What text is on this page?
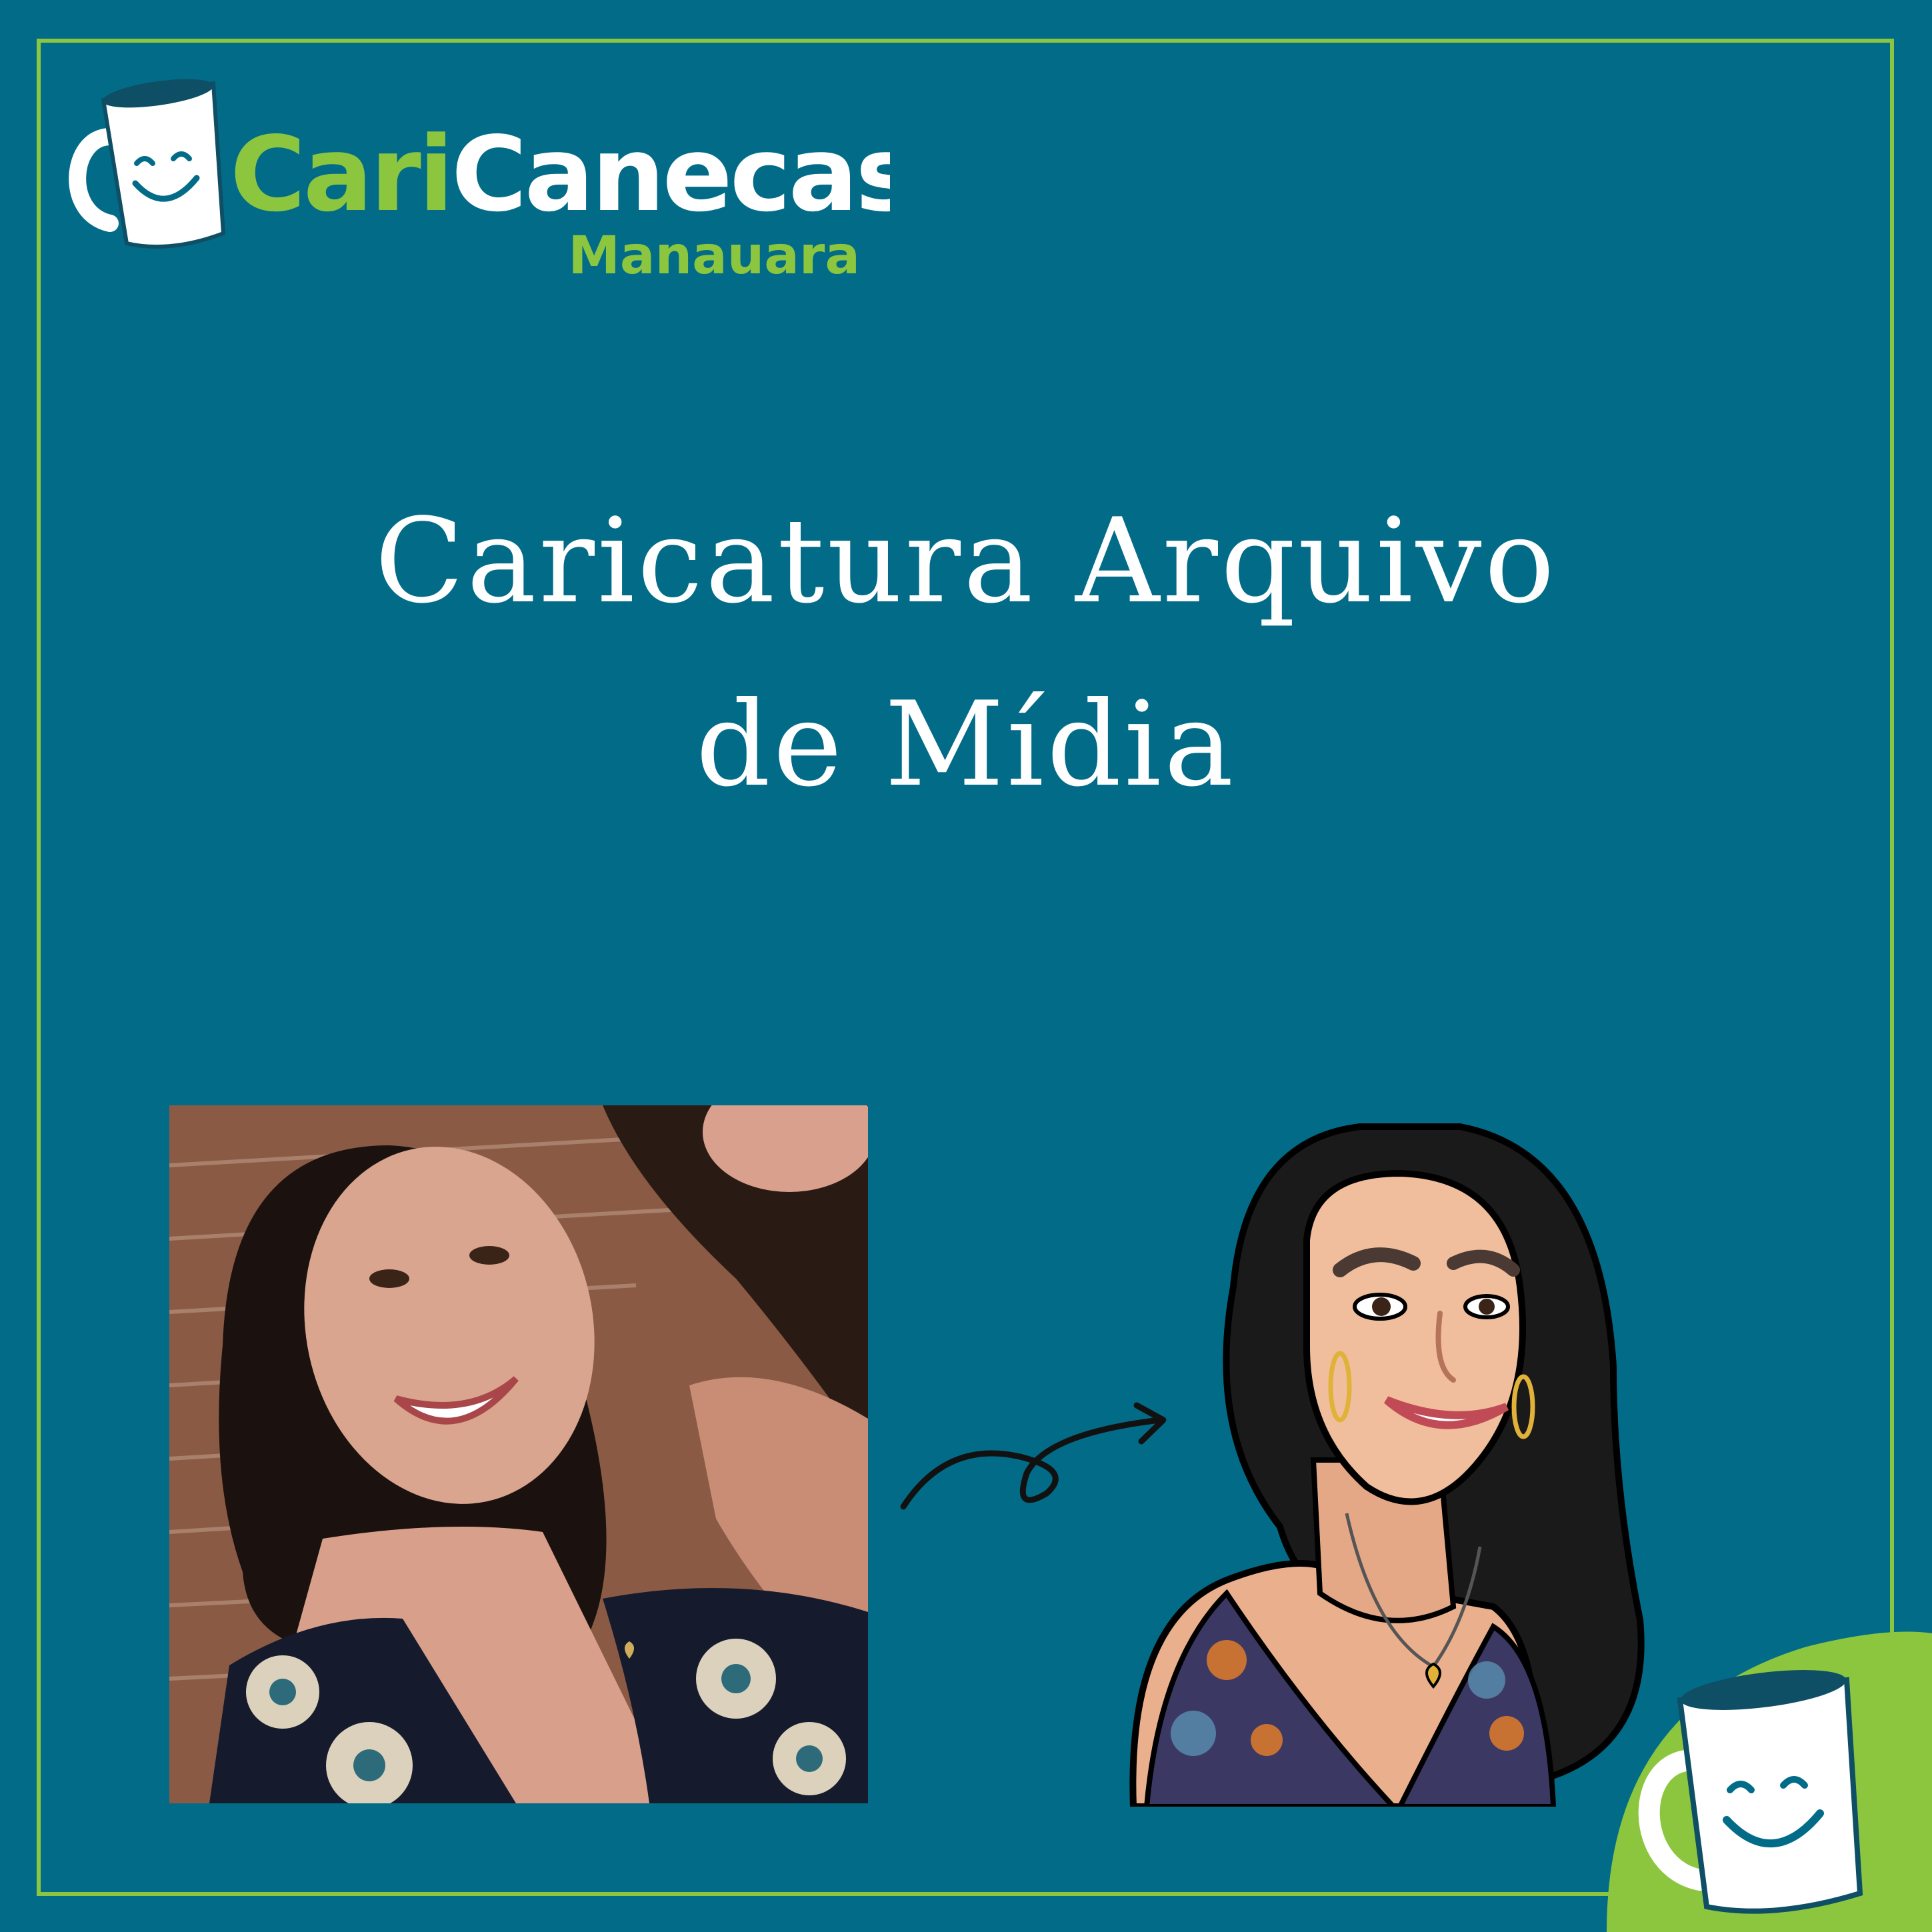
CariCanecas
Manauara
Caricatura Arquivo
de Mídia
